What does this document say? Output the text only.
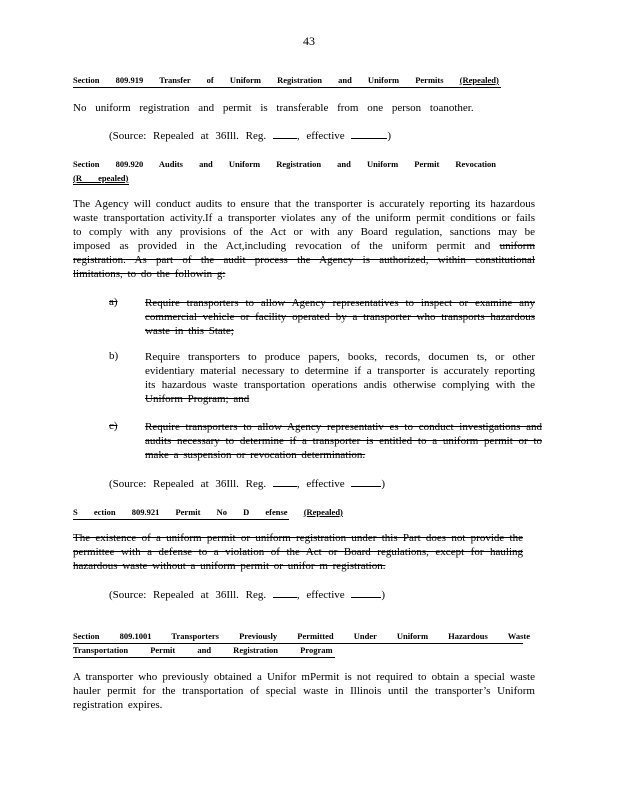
43
Section 809.919 Transfer of Uniform Registration and Uniform Permits (Repealed)
No uniform registration and permit is transferable from one person toanother.
(Source: Repealed at 36Ill. Reg.	, effective	)
Section 809.920 Audits and Uniform Registration and Uniform Permit Revocation
(R epealed)
The Agency will conduct audits to ensure that the transporter is accurately reporting its hazardous waste transportation activity.If a transporter violates any of the uniform permit conditions or fails to comply with any provisions of the Act or with any Board regulation, sanctions may be imposed as provided in the Act,including revocation of the uniform permit and uniform registration. As part of the audit process the Agency is authorized, within constitutional limitations, to do the followin g:
a) Require transporters to allow Agency representatives to inspect or examine any commercial vehicle or facility operated by a transporter who transports hazardous waste in this State;
b) Require transporters to produce papers, books, records, documen ts, or other evidentiary material necessary to determine if a transporter is accurately reporting its hazardous waste transportation operations andis otherwise complying with the Uniform Program; and
c) Require transporters to allow Agency representativ es to conduct investigations and audits necessary to determine if a transporter is entitled to a uniform permit or to make a suspension or revocation determination.
(Source: Repealed at 36Ill. Reg.	, effective	)
S ection 809.921 Permit No D efense (Repealed)
The existence of a uniform permit or uniform registration under this Part does not provide the permittee with a defense to a violation of the Act or Board regulations, except for hauling hazardous waste without a uniform permit or unifor m registration.
(Source: Repealed at 36Ill. Reg.	, effective	)
Section 809.1001 Transporters Previously Permitted Under Uniform Hazardous Waste
Transportation Permit and Registration Program
A transporter who previously obtained a Unifor mPermit is not required to obtain a special waste hauler permit for the transportation of special waste in Illinois until the transporter’s Uniform registration expires.
